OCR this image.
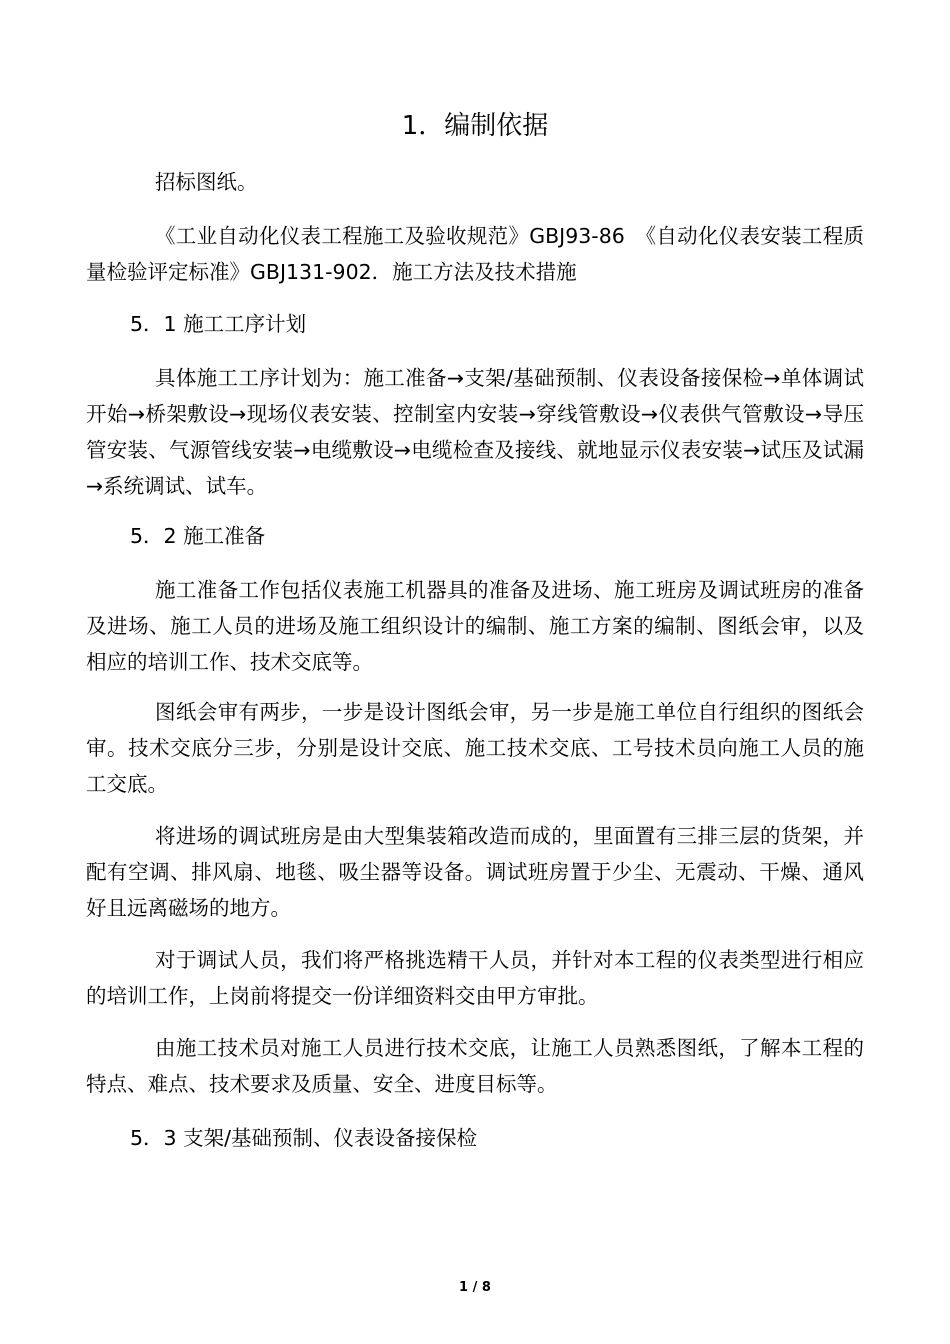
1．编制依据

招标图纸。

《工业自动化仪表工程施工及验收规范》GBJ93-86　《自动化仪表安装工程质量检验评定标准》GBJ131-902．施工方法及技术措施

5．1 施工工序计划

具体施工工序计划为：施工准备→支架/基础预制、仪表设备接保检→单体调试开始→桥架敷设→现场仪表安装、控制室内安装→穿线管敷设→仪表供气管敷设→导压管安装、气源管线安装→电缆敷设→电缆检查及接线、就地显示仪表安装→试压及试漏→系统调试、试车。

5．2 施工准备

施工准备工作包括仪表施工机器具的准备及进场、施工班房及调试班房的准备及进场、施工人员的进场及施工组织设计的编制、施工方案的编制、图纸会审，以及相应的培训工作、技术交底等。

图纸会审有两步，一步是设计图纸会审，另一步是施工单位自行组织的图纸会审。技术交底分三步，分别是设计交底、施工技术交底、工号技术员向施工人员的施工交底。

将进场的调试班房是由大型集装箱改造而成的，里面置有三排三层的货架，并配有空调、排风扇、地毯、吸尘器等设备。调试班房置于少尘、无震动、干燥、通风好且远离磁场的地方。

对于调试人员，我们将严格挑选精干人员，并针对本工程的仪表类型进行相应的培训工作，上岗前将提交一份详细资料交由甲方审批。

由施工技术员对施工人员进行技术交底，让施工人员熟悉图纸，了解本工程的特点、难点、技术要求及质量、安全、进度目标等。

5．3 支架/基础预制、仪表设备接保检
1 / 8
